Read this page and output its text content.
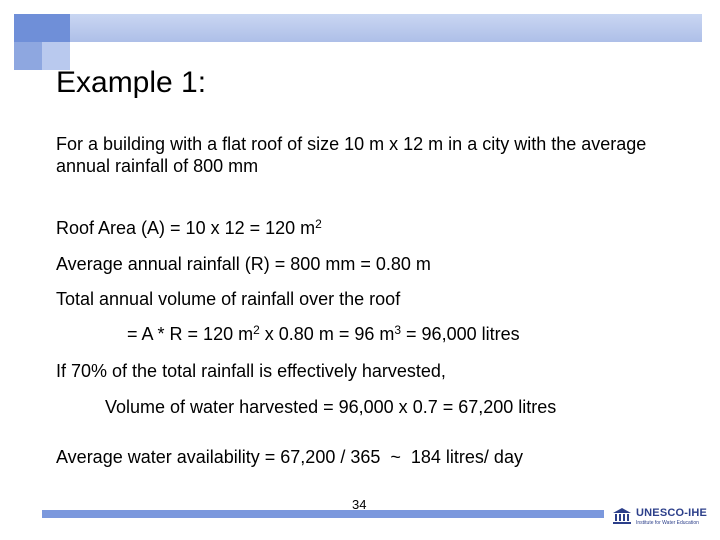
Example 1:

For a building with a flat roof of size 10 m x 12 m in a city with the average annual rainfall of 800 mm

Roof Area (A) = 10 x 12 = 120 $m^2$

Average annual rainfall (R) = 800 mm = 0.80 m

Total annual volume of rainfall over the roof

= A * R = 120 $m^2$ x 0.80 m = 96 $m^3 = 96,000$ litres

If 70% of the total rainfall is effectively harvested,

Volume of water harvested = 96,000 x 0.7 = 67,200 litres

Average water availability = 67,200 / 365  ~  184 litres/ day

34
UNESCO-IHE
Institute for Water Education
